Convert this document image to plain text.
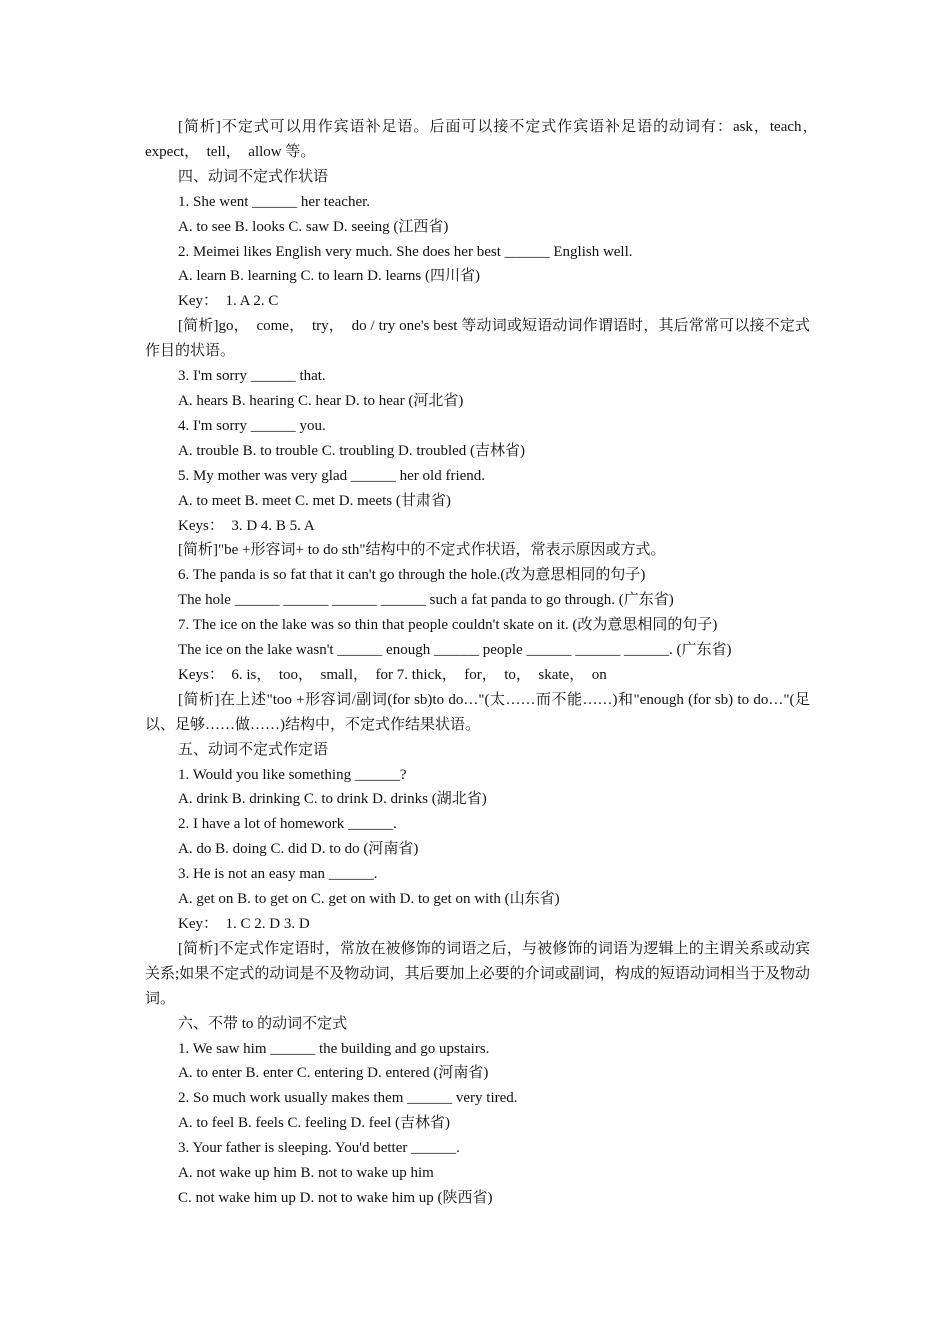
[简析]不定式可以用作宾语补足语。后面可以接不定式作宾语补足语的动词有：ask，teach，　expect，　tell，　allow 等。

四、动词不定式作状语

1. She went ______ her teacher.

A. to see B. looks C. saw D. seeing (江西省)

2. Meimei likes English very much. She does her best ______ English well.

A. learn B. learning C. to learn D. learns (四川省)

Key：　1. A 2. C

[简析]go，　come，　try，　do / try one's best 等动词或短语动词作谓语时，其后常常可以接不定式作目的状语。

3. I'm sorry ______ that.

A. hears B. hearing C. hear D. to hear (河北省)

4. I'm sorry ______ you.

A. trouble B. to trouble C. troubling D. troubled (吉林省)

5. My mother was very glad ______ her old friend.

A. to meet B. meet C. met D. meets (甘肃省)

Keys：　3. D 4. B 5. A

[简析]"be +形容词+ to do sth"结构中的不定式作状语，常表示原因或方式。

6. The panda is so fat that it can't go through the hole.(改为意思相同的句子)

The hole ______ ______ ______ ______ such a fat panda to go through. (广东省)

7. The ice on the lake was so thin that people couldn't skate on it. (改为意思相同的句子)

The ice on the lake wasn't ______ enough ______ people ______ ______ ______. (广东省)

Keys：　6. is，　too，　small，　for 7. thick，　for，　to，　skate，　on

[简析]在上述"too +形容词/副词(for sb)to do…"(太……而不能……)和"enough (for sb) to do…"(足以、足够……做……)结构中，不定式作结果状语。

五、动词不定式作定语

1. Would you like something ______?

A. drink B. drinking C. to drink D. drinks (湖北省)

2. I have a lot of homework ______.

A. do B. doing C. did D. to do (河南省)

3. He is not an easy man ______.

A. get on B. to get on C. get on with D. to get on with (山东省)

Key：　1. C 2. D 3. D

[简析]不定式作定语时，常放在被修饰的词语之后，与被修饰的词语为逻辑上的主谓关系或动宾关系;如果不定式的动词是不及物动词，其后要加上必要的介词或副词，构成的短语动词相当于及物动词。

六、不带 to 的动词不定式

1. We saw him ______ the building and go upstairs.

A. to enter B. enter C. entering D. entered (河南省)

2. So much work usually makes them ______ very tired.

A. to feel B. feels C. feeling D. feel (吉林省)

3. Your father is sleeping. You'd better ______.

A. not wake up him B. not to wake up him

C. not wake him up D. not to wake him up (陕西省)
